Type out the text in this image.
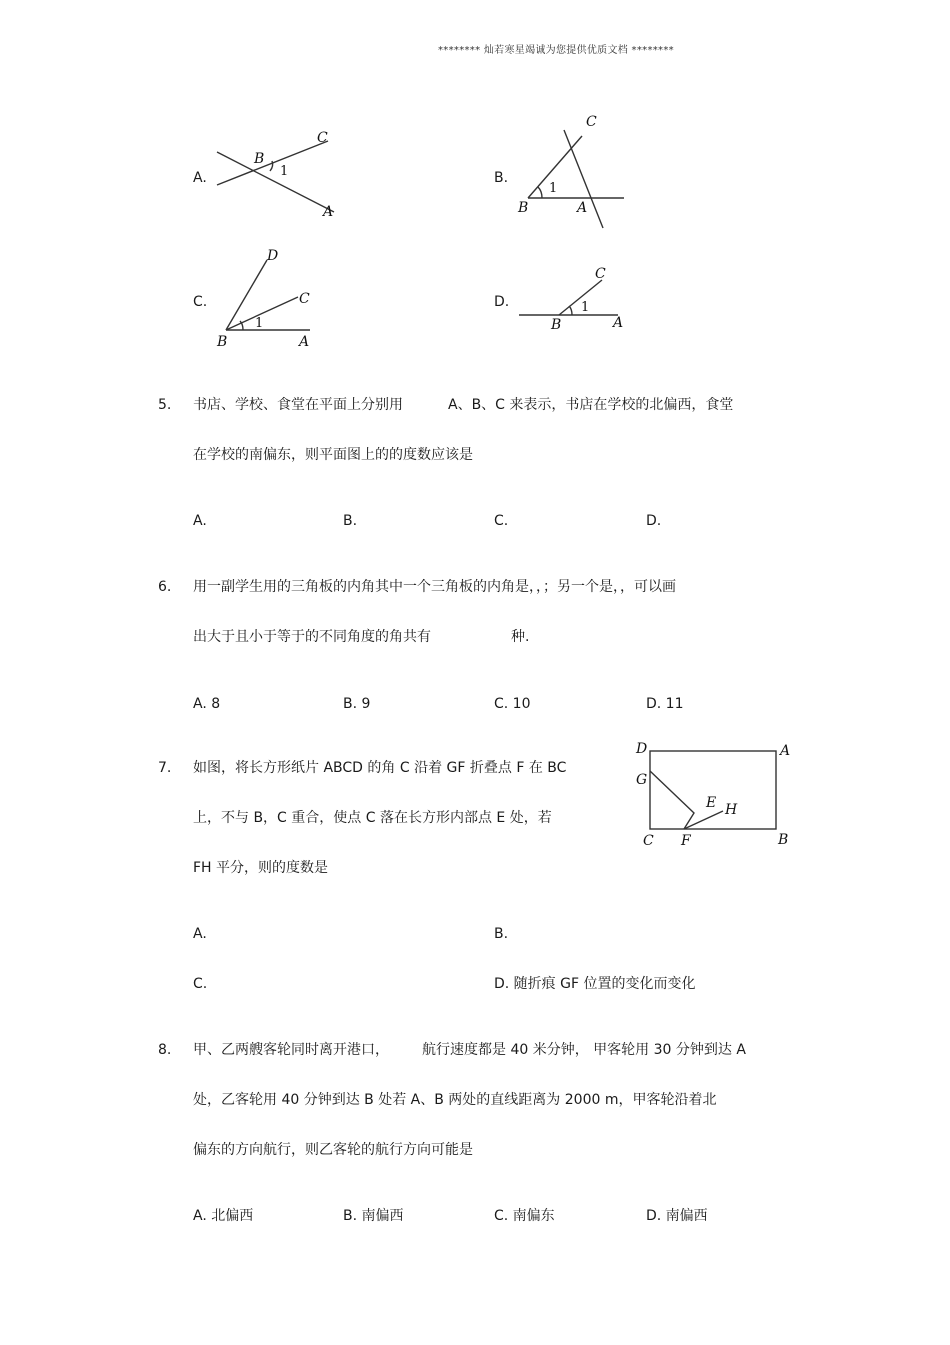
******** 灿若寒星竭诚为您提供优质文档 ********
A.
B
C
A
1	B.
C
B	A
1
C.
D
C
B	A
1
D.
C
B	A
1
5. 书店、学校、食堂在平面上分别用	A、B、C 来表示，书店在学校的北偏西，食堂
在学校的南偏东，则平面图上的的度数应该是
A.	B.	C.	D.
6. 用一副学生用的三角板的内角其中一个三角板的内角是，，；另一个是，，可以画
出大于且小于等于的不同角度的角共有	种.
A. 8	B. 9	C. 10	D. 11
7. 如图，将长方形纸片 ABCD 的角 C 沿着 GF 折叠点 F 在 BC
上，不与 B，C 重合，使点 C 落在长方形内部点 E 处，若
FH 平分，则的度数是
D	A
G
E H
C F	B
A.	B.
C.	D. 随折痕 GF 位置的变化而变化
8. 甲、乙两艘客轮同时离开港口， 航行速度都是 40 米分钟， 甲客轮用 30 分钟到达 A
处，乙客轮用 40 分钟到达 B 处若 A、B 两处的直线距离为 2000 m，甲客轮沿着北
偏东的方向航行，则乙客轮的航行方向可能是
A. 北偏西	B. 南偏西	C. 南偏东	D. 南偏西
